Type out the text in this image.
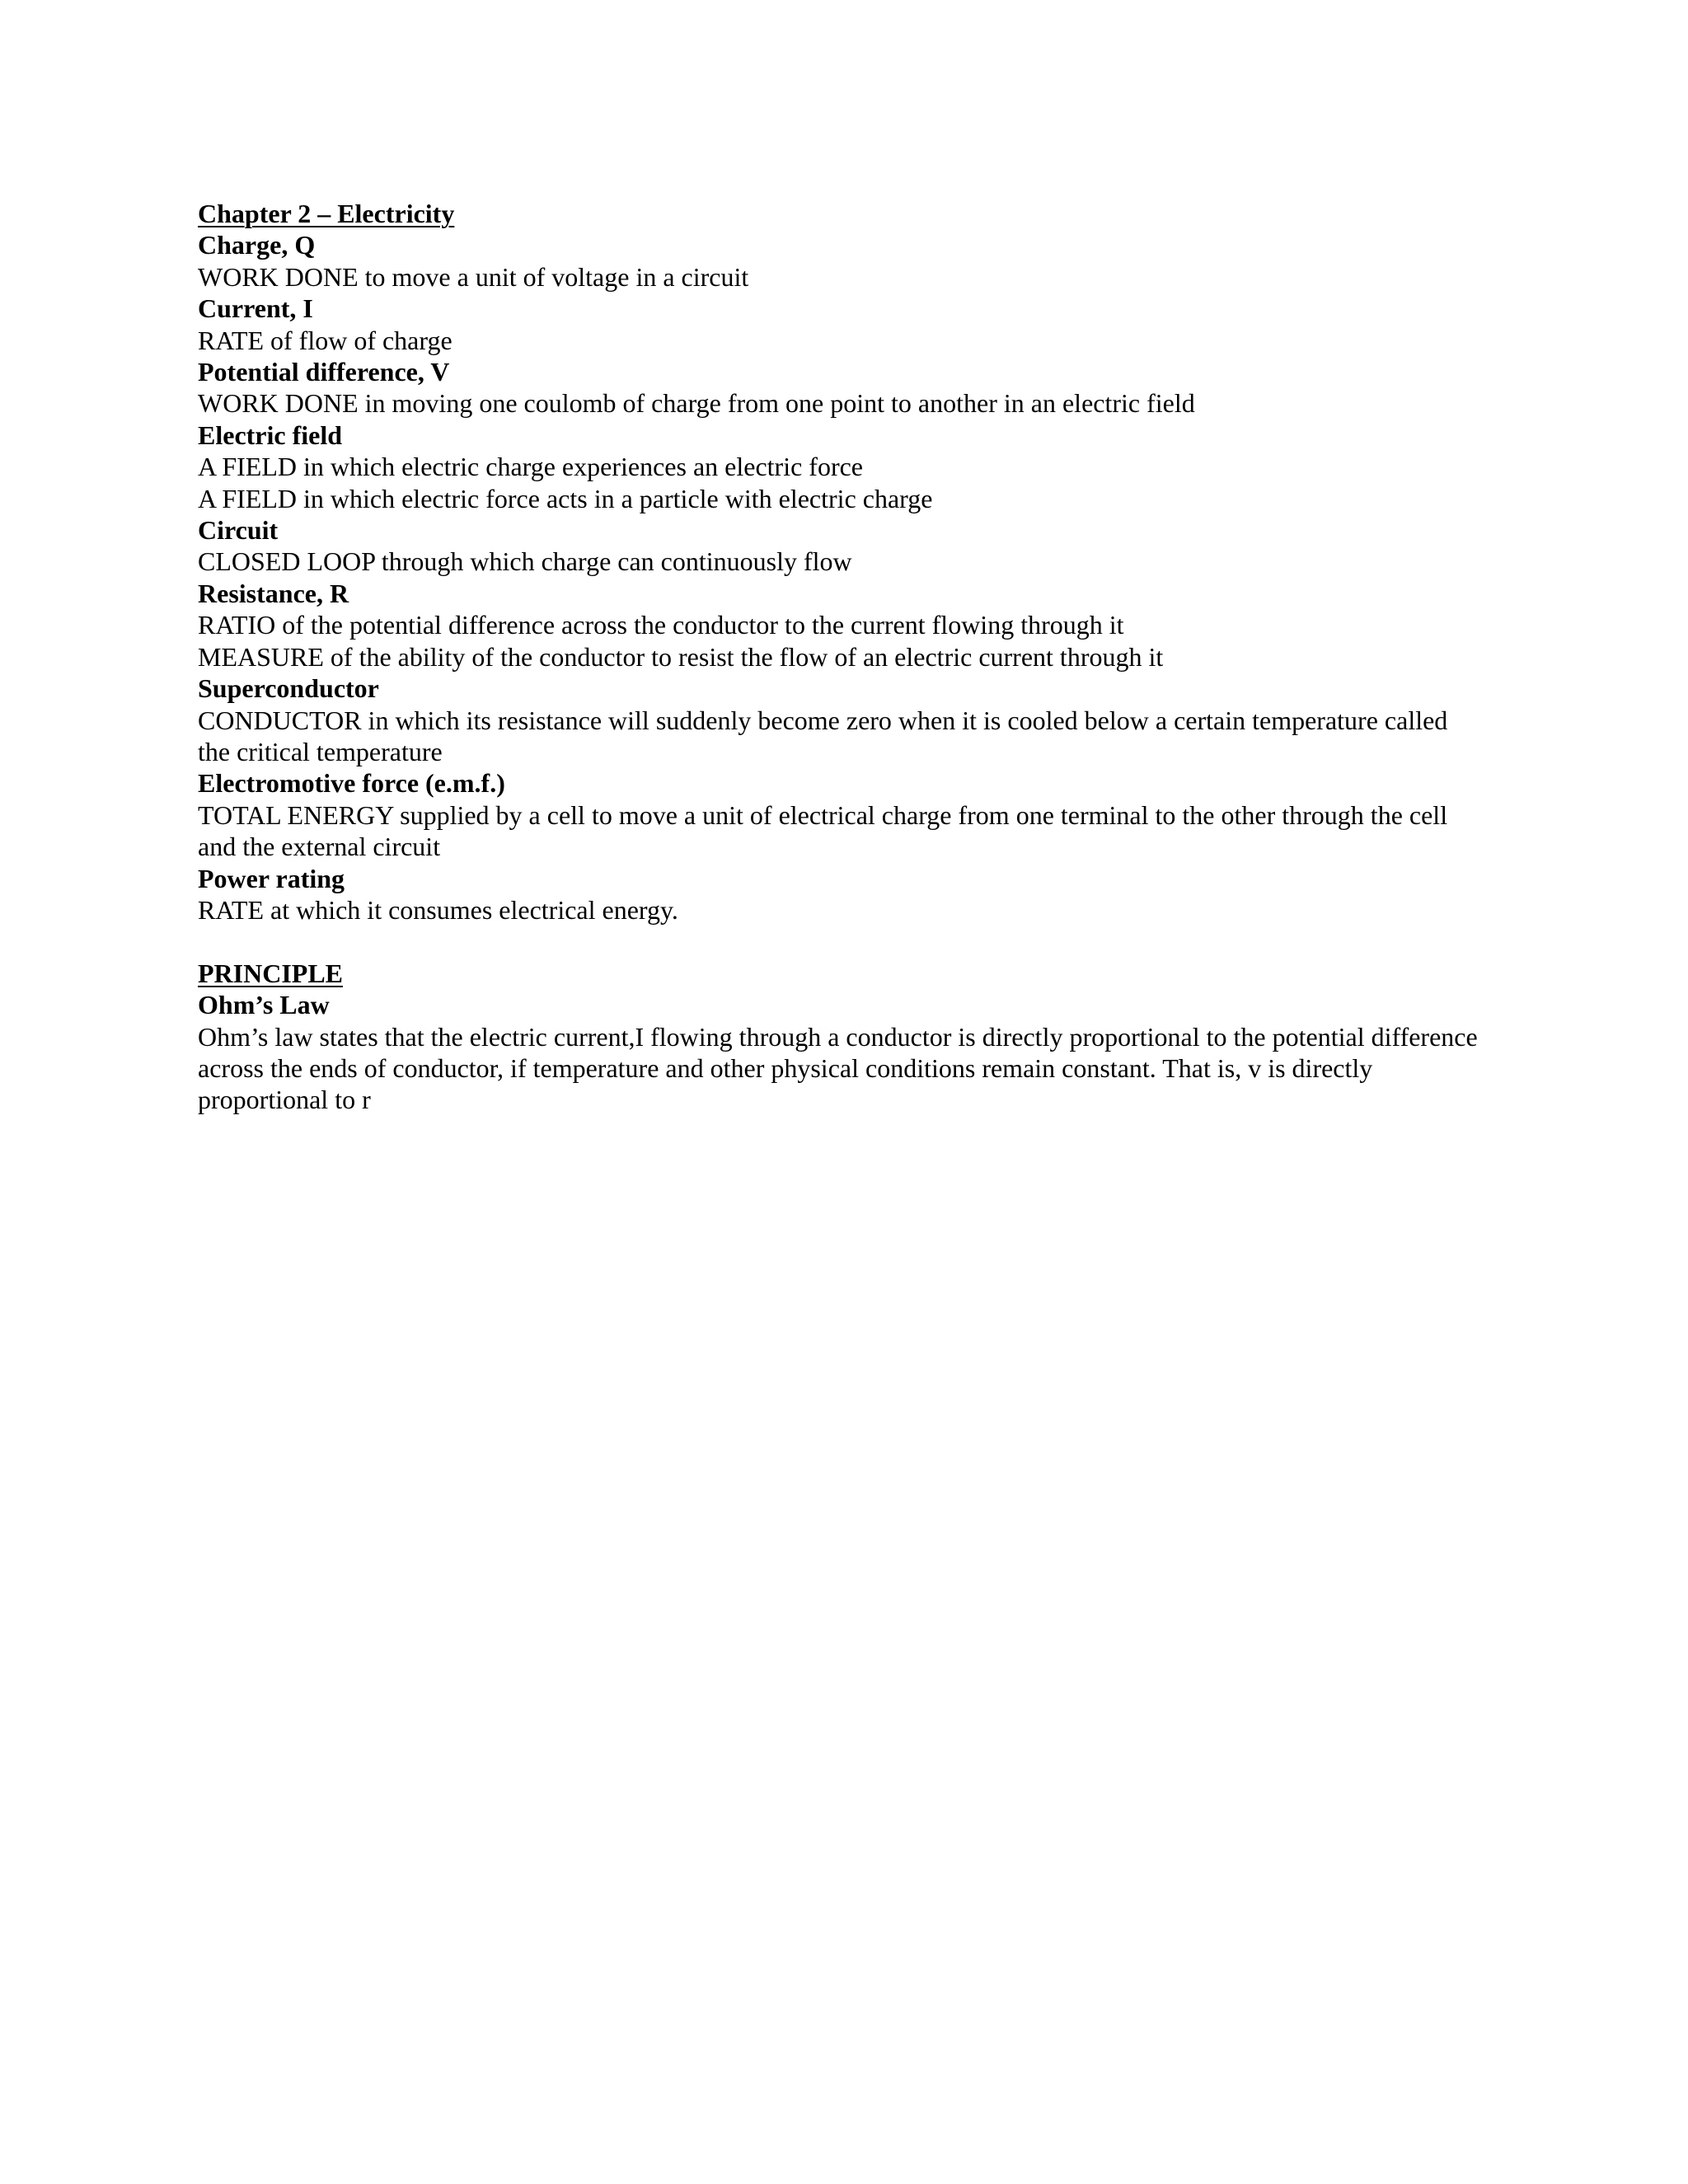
Chapter 2 – Electricity

Charge, Q

WORK DONE to move a unit of voltage in a circuit

Current, I

RATE of flow of charge

Potential difference, V

WORK DONE in moving one coulomb of charge from one point to another in an electric field

Electric field

A FIELD in which electric charge experiences an electric force

A FIELD in which electric force acts in a particle with electric charge

Circuit

CLOSED LOOP through which charge can continuously flow

Resistance, R

RATIO of the potential difference across the conductor to the current flowing through it

MEASURE of the ability of the conductor to resist the flow of an electric current through it

Superconductor

CONDUCTOR in which its resistance will suddenly become zero when it is cooled below a certain temperature called the critical temperature

Electromotive force (e.m.f.)

TOTAL ENERGY supplied by a cell to move a unit of electrical charge from one terminal to the other through the cell and the external circuit

Power rating

RATE at which it consumes electrical energy.

PRINCIPLE

Ohm’s Law

Ohm’s law states that the electric current,I flowing through a conductor is directly proportional to the potential difference across the ends of conductor, if temperature and other physical conditions remain constant. That is, v is directly proportional to r
